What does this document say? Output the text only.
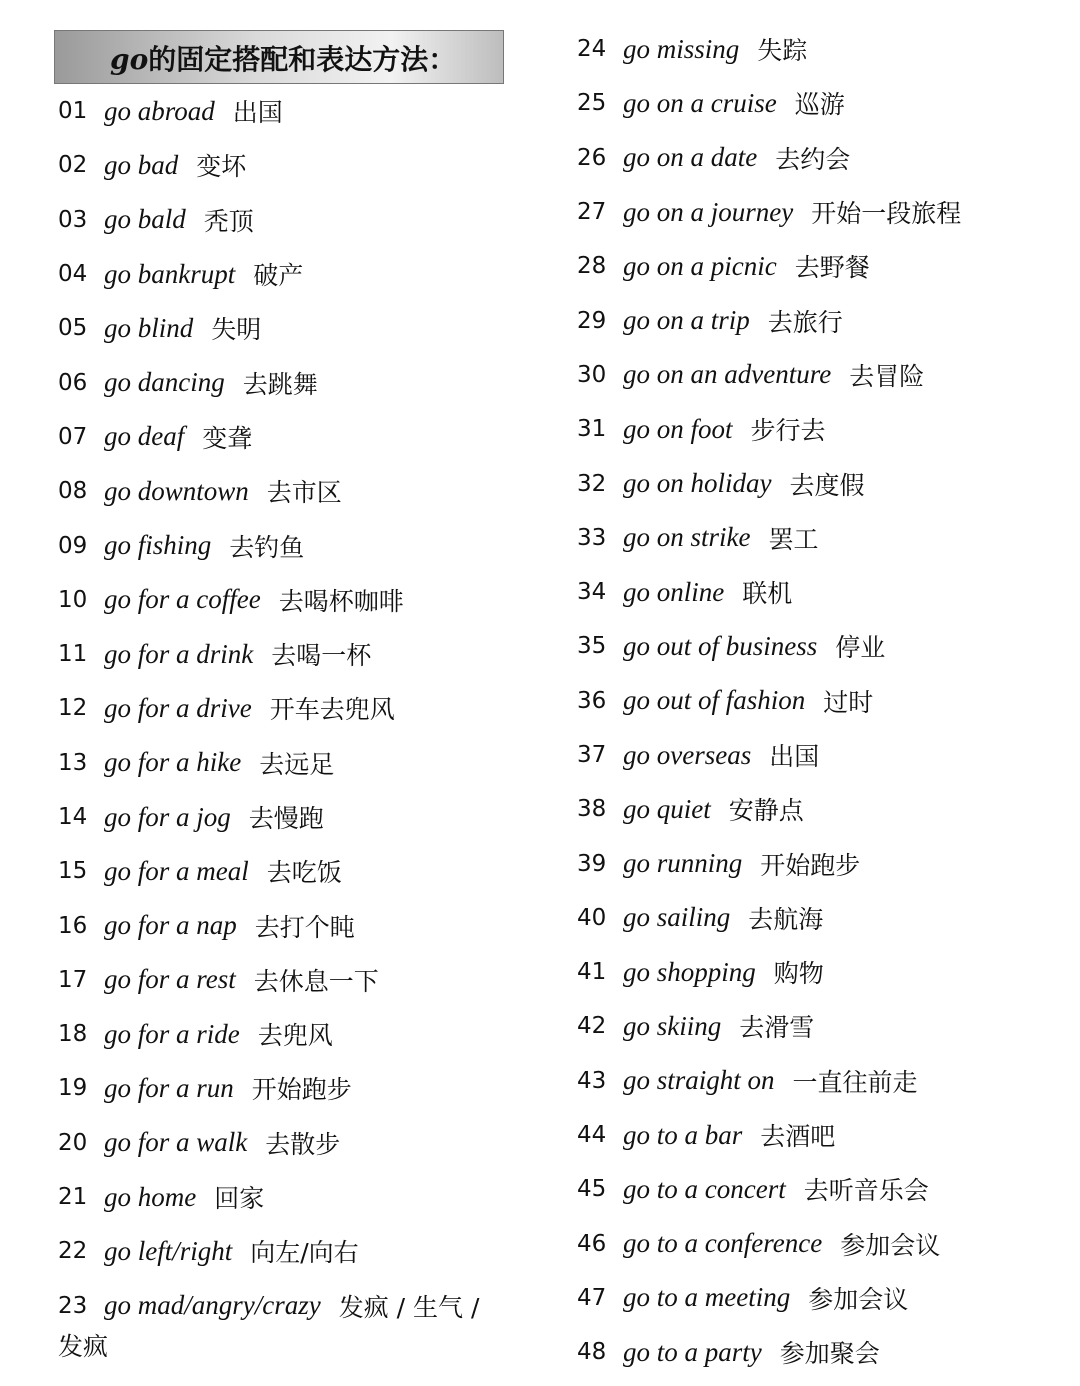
go的固定搭配和表达方法：
01 go abroad 出国
02 go bad 变坏
03 go bald 秃顶
04 go bankrupt 破产
05 go blind 失明
06 go dancing 去跳舞
07 go deaf 变聋
08 go downtown 去市区
09 go fishing 去钓鱼
10 go for a coffee 去喝杯咖啡
11 go for a drink 去喝一杯
12 go for a drive 开车去兜风
13 go for a hike 去远足
14 go for a jog 去慢跑
15 go for a meal 去吃饭
16 go for a nap 去打个盹
17 go for a rest 去休息一下
18 go for a ride 去兜风
19 go for a run 开始跑步
20 go for a walk 去散步
21 go home 回家
22 go left/right 向左/向右
23 go mad/angry/crazy 发疯 / 生气 /
24 go missing 失踪
25 go on a cruise 巡游
26 go on a date 去约会
27 go on a journey 开始一段旅程
28 go on a picnic 去野餐
29 go on a trip 去旅行
30 go on an adventure 去冒险
31 go on foot 步行去
32 go on holiday 去度假
33 go on strike 罢工
34 go online 联机
35 go out of business 停业
36 go out of fashion 过时
37 go overseas 出国
38 go quiet 安静点
39 go running 开始跑步
40 go sailing 去航海
41 go shopping 购物
42 go skiing 去滑雪
43 go straight on 一直往前走
44 go to a bar 去酒吧
45 go to a concert 去听音乐会
46 go to a conference 参加会议
47 go to a meeting 参加会议
48 go to a party 参加聚会
发疯
